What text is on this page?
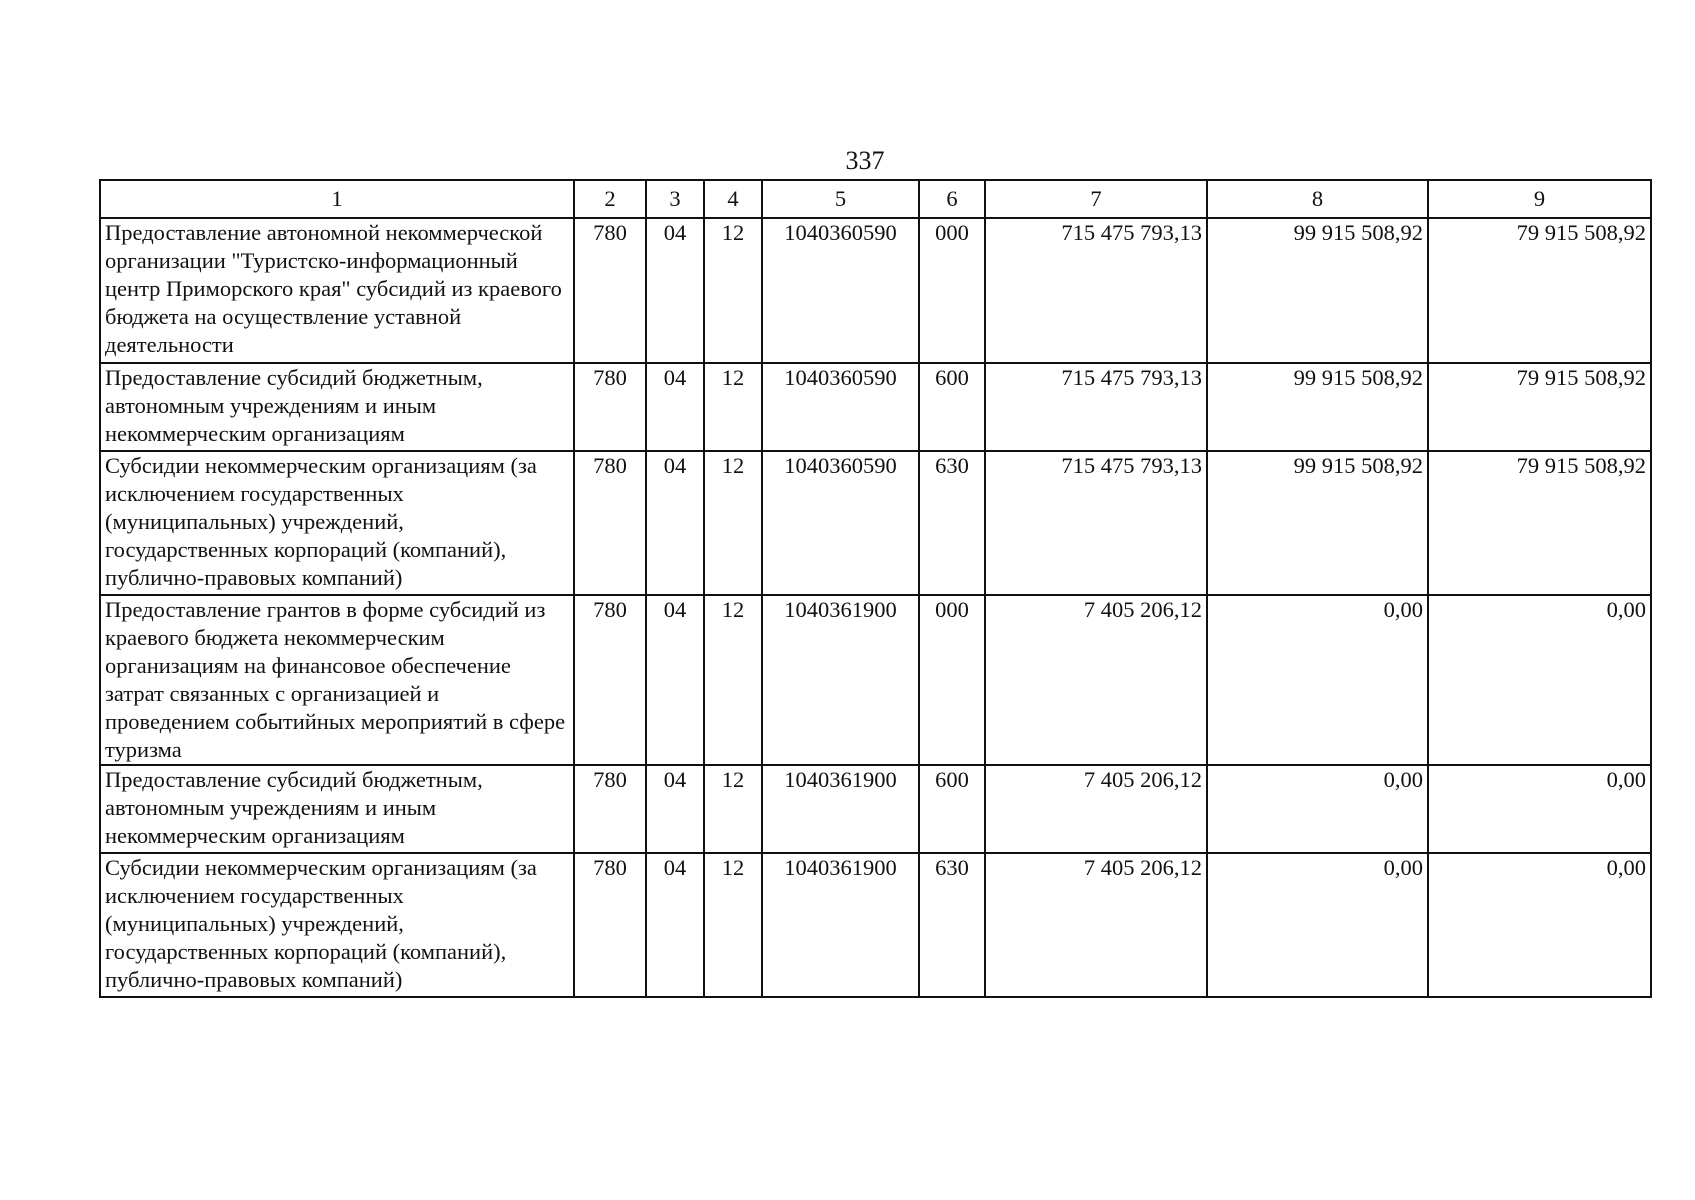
337
1	2	3	4	5	6	7	8	9
Предоставление автономной некоммерческой организации "Туристско-информационный центр Приморского края" субсидий из краевого бюджета на осуществление уставной деятельности	780	04	12	1040360590	000	715 475 793,13	99 915 508,92	79 915 508,92
Предоставление субсидий бюджетным, автономным учреждениям и иным некоммерческим организациям	780	04	12	1040360590	600	715 475 793,13	99 915 508,92	79 915 508,92
Субсидии некоммерческим организациям (за исключением государственных (муниципальных) учреждений, государственных корпораций (компаний), публично-правовых компаний)	780	04	12	1040360590	630	715 475 793,13	99 915 508,92	79 915 508,92
Предоставление грантов в форме субсидий из краевого бюджета некоммерческим организациям на финансовое обеспечение затрат связанных с организацией и проведением событийных мероприятий в сфере туризма	780	04	12	1040361900	000	7 405 206,12	0,00	0,00
Предоставление субсидий бюджетным, автономным учреждениям и иным некоммерческим организациям	780	04	12	1040361900	600	7 405 206,12	0,00	0,00
Субсидии некоммерческим организациям (за исключением государственных (муниципальных) учреждений, государственных корпораций (компаний), публично-правовых компаний)	780	04	12	1040361900	630	7 405 206,12	0,00	0,00
